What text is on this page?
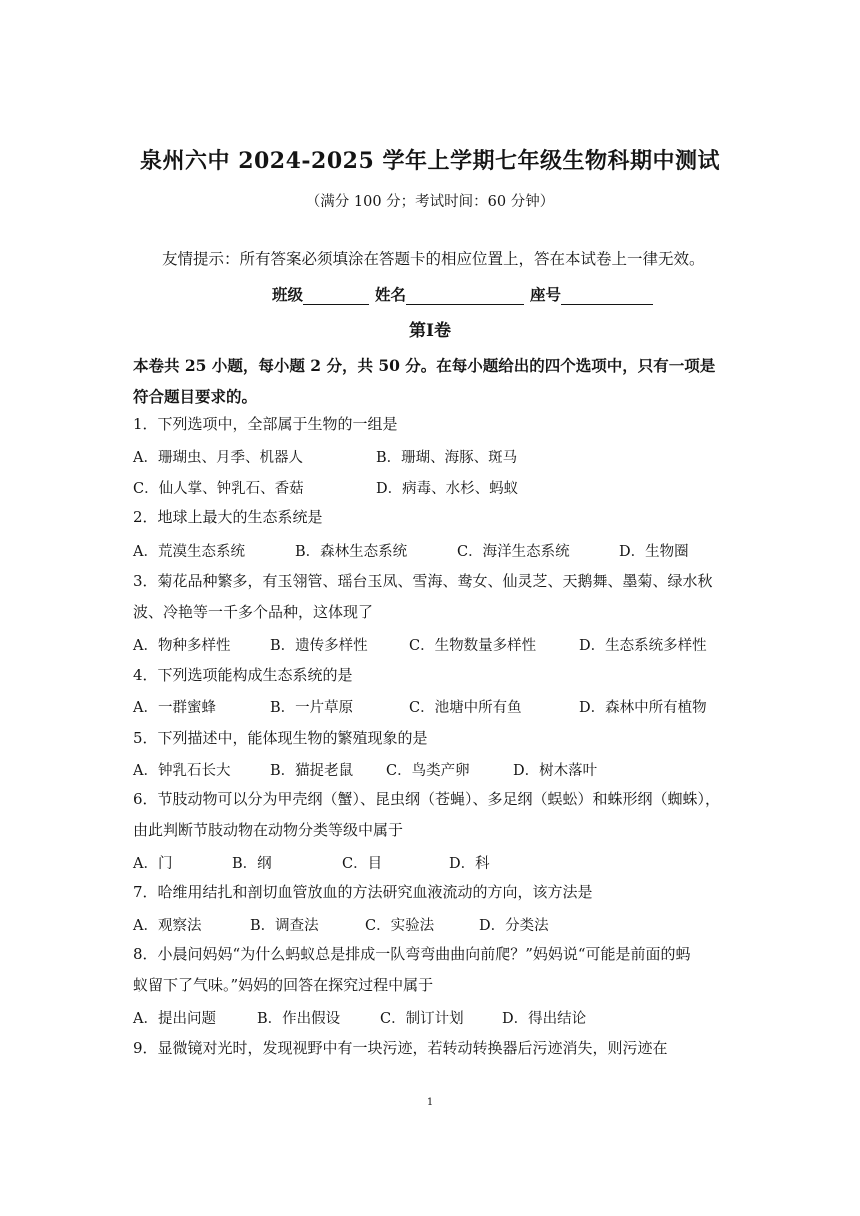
泉州六中 2024-2025 学年上学期七年级生物科期中测试
（满分 100 分；考试时间：60 分钟）
友情提示：所有答案必须填涂在答题卡的相应位置上，答在本试卷上一律无效。
班级	姓名	座号
第Ⅰ卷
本卷共 25 小题，每小题 2 分，共 50 分。在每小题给出的四个选项中，只有一项是符合题目要求的。
1．下列选项中，全部属于生物的一组是
A．珊瑚虫、月季、机器人	B．珊瑚、海豚、斑马
C．仙人掌、钟乳石、香菇	D．病毒、水杉、蚂蚁
2．地球上最大的生态系统是
A．荒漠生态系统	B．森林生态系统	C．海洋生态系统	D．生物圈
3．菊花品种繁多，有玉翎管、瑶台玉凤、雪海、鸯女、仙灵芝、天鹅舞、墨菊、绿水秋
波、冷艳等一千多个品种，这体现了
A．物种多样性	B．遗传多样性	C．生物数量多样性	D．生态系统多样性
4．下列选项能构成生态系统的是
A．一群蜜蜂	B．一片草原	C．池塘中所有鱼	D．森林中所有植物
5．下列描述中，能体现生物的繁殖现象的是
A．钟乳石长大	B．猫捉老鼠 C．鸟类产卵	D．树木落叶
6．节肢动物可以分为甲壳纲（蟹）、昆虫纲（苍蝇）、多足纲（蜈蚣）和蛛形纲（蜘蛛），
由此判断节肢动物在动物分类等级中属于
A．门	B．纲	C．目	D．科
7．哈维用结扎和剖切血管放血的方法研究血液流动的方向，该方法是
A．观察法	B．调查法	C．实验法	D．分类法
8．小晨问妈妈“为什么蚂蚁总是排成一队弯弯曲曲向前爬？”妈妈说“可能是前面的蚂
蚁留下了气味。”妈妈的回答在探究过程中属于
A．提出问题	B．作出假设	C．制订计划	D．得出结论
9．显微镜对光时，发现视野中有一块污迹，若转动转换器后污迹消失，则污迹在
1
